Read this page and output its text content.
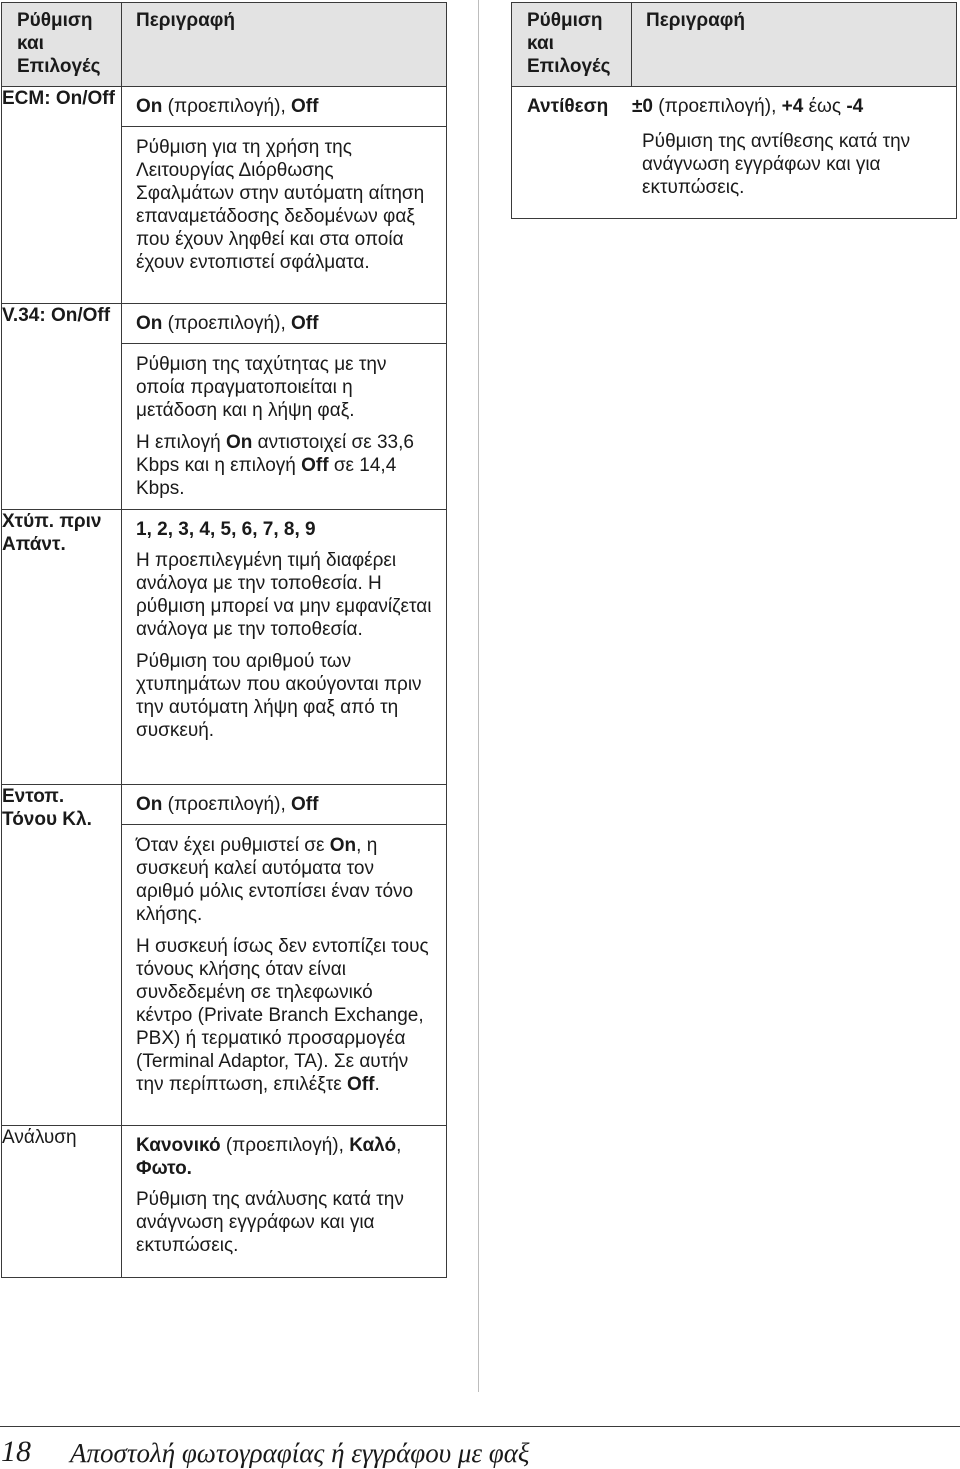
Ρύθμιση και Επιλογές	Περιγραφή
ECM: On/Off	On (προεπιλογή), Off

Ρύθμιση για τη χρήση της Λειτουργίας Διόρθωσης Σφαλμάτων στην αυτόματη αίτηση επαναμετάδοσης δεδομένων φαξ που έχουν ληφθεί και στα οποία έχουν εντοπιστεί σφάλματα.

V.34: On/Off	On (προεπιλογή), Off

Ρύθμιση της ταχύτητας με την οποία πραγματοποιείται η μετάδοση και η λήψη φαξ.

Η επιλογή On αντιστοιχεί σε 33,6 Kbps και η επιλογή Off σε 14,4 Kbps.

Χτύπ. πριν Απάντ.	1, 2, 3, 4, 5, 6, 7, 8, 9

Η προεπιλεγμένη τιμή διαφέρει ανάλογα με την τοποθεσία. Η ρύθμιση μπορεί να μην εμφανίζεται ανάλογα με την τοποθεσία.

Ρύθμιση του αριθμού των χτυπημάτων που ακούγονται πριν την αυτόματη λήψη φαξ από τη συσκευή.

Εντοπ. Τόνου Κλ.	On (προεπιλογή), Off

Όταν έχει ρυθμιστεί σε On, η συσκευή καλεί αυτόματα τον αριθμό μόλις εντοπίσει έναν τόνο κλήσης.

Η συσκευή ίσως δεν εντοπίζει τους τόνους κλήσης όταν είναι συνδεδεμένη σε τηλεφωνικό κέντρο (Private Branch Exchange, PBX) ή τερματικό προσαρμογέα (Terminal Adaptor, TA). Σε αυτήν την περίπτωση, επιλέξτε Off.

Ανάλυση	Κανονικό (προεπιλογή), Καλό, Φωτο.

Ρύθμιση της ανάλυσης κατά την ανάγνωση εγγράφων και για εκτυπώσεις.

Ρύθμιση και Επιλογές	Περιγραφή

Αντίθεση	±0 (προεπιλογή), +4 έως -4

Ρύθμιση της αντίθεσης κατά την ανάγνωση εγγράφων και για εκτυπώσεις.

18 Αποστολή φωτογραφίας ή εγγράφου με φαξ
